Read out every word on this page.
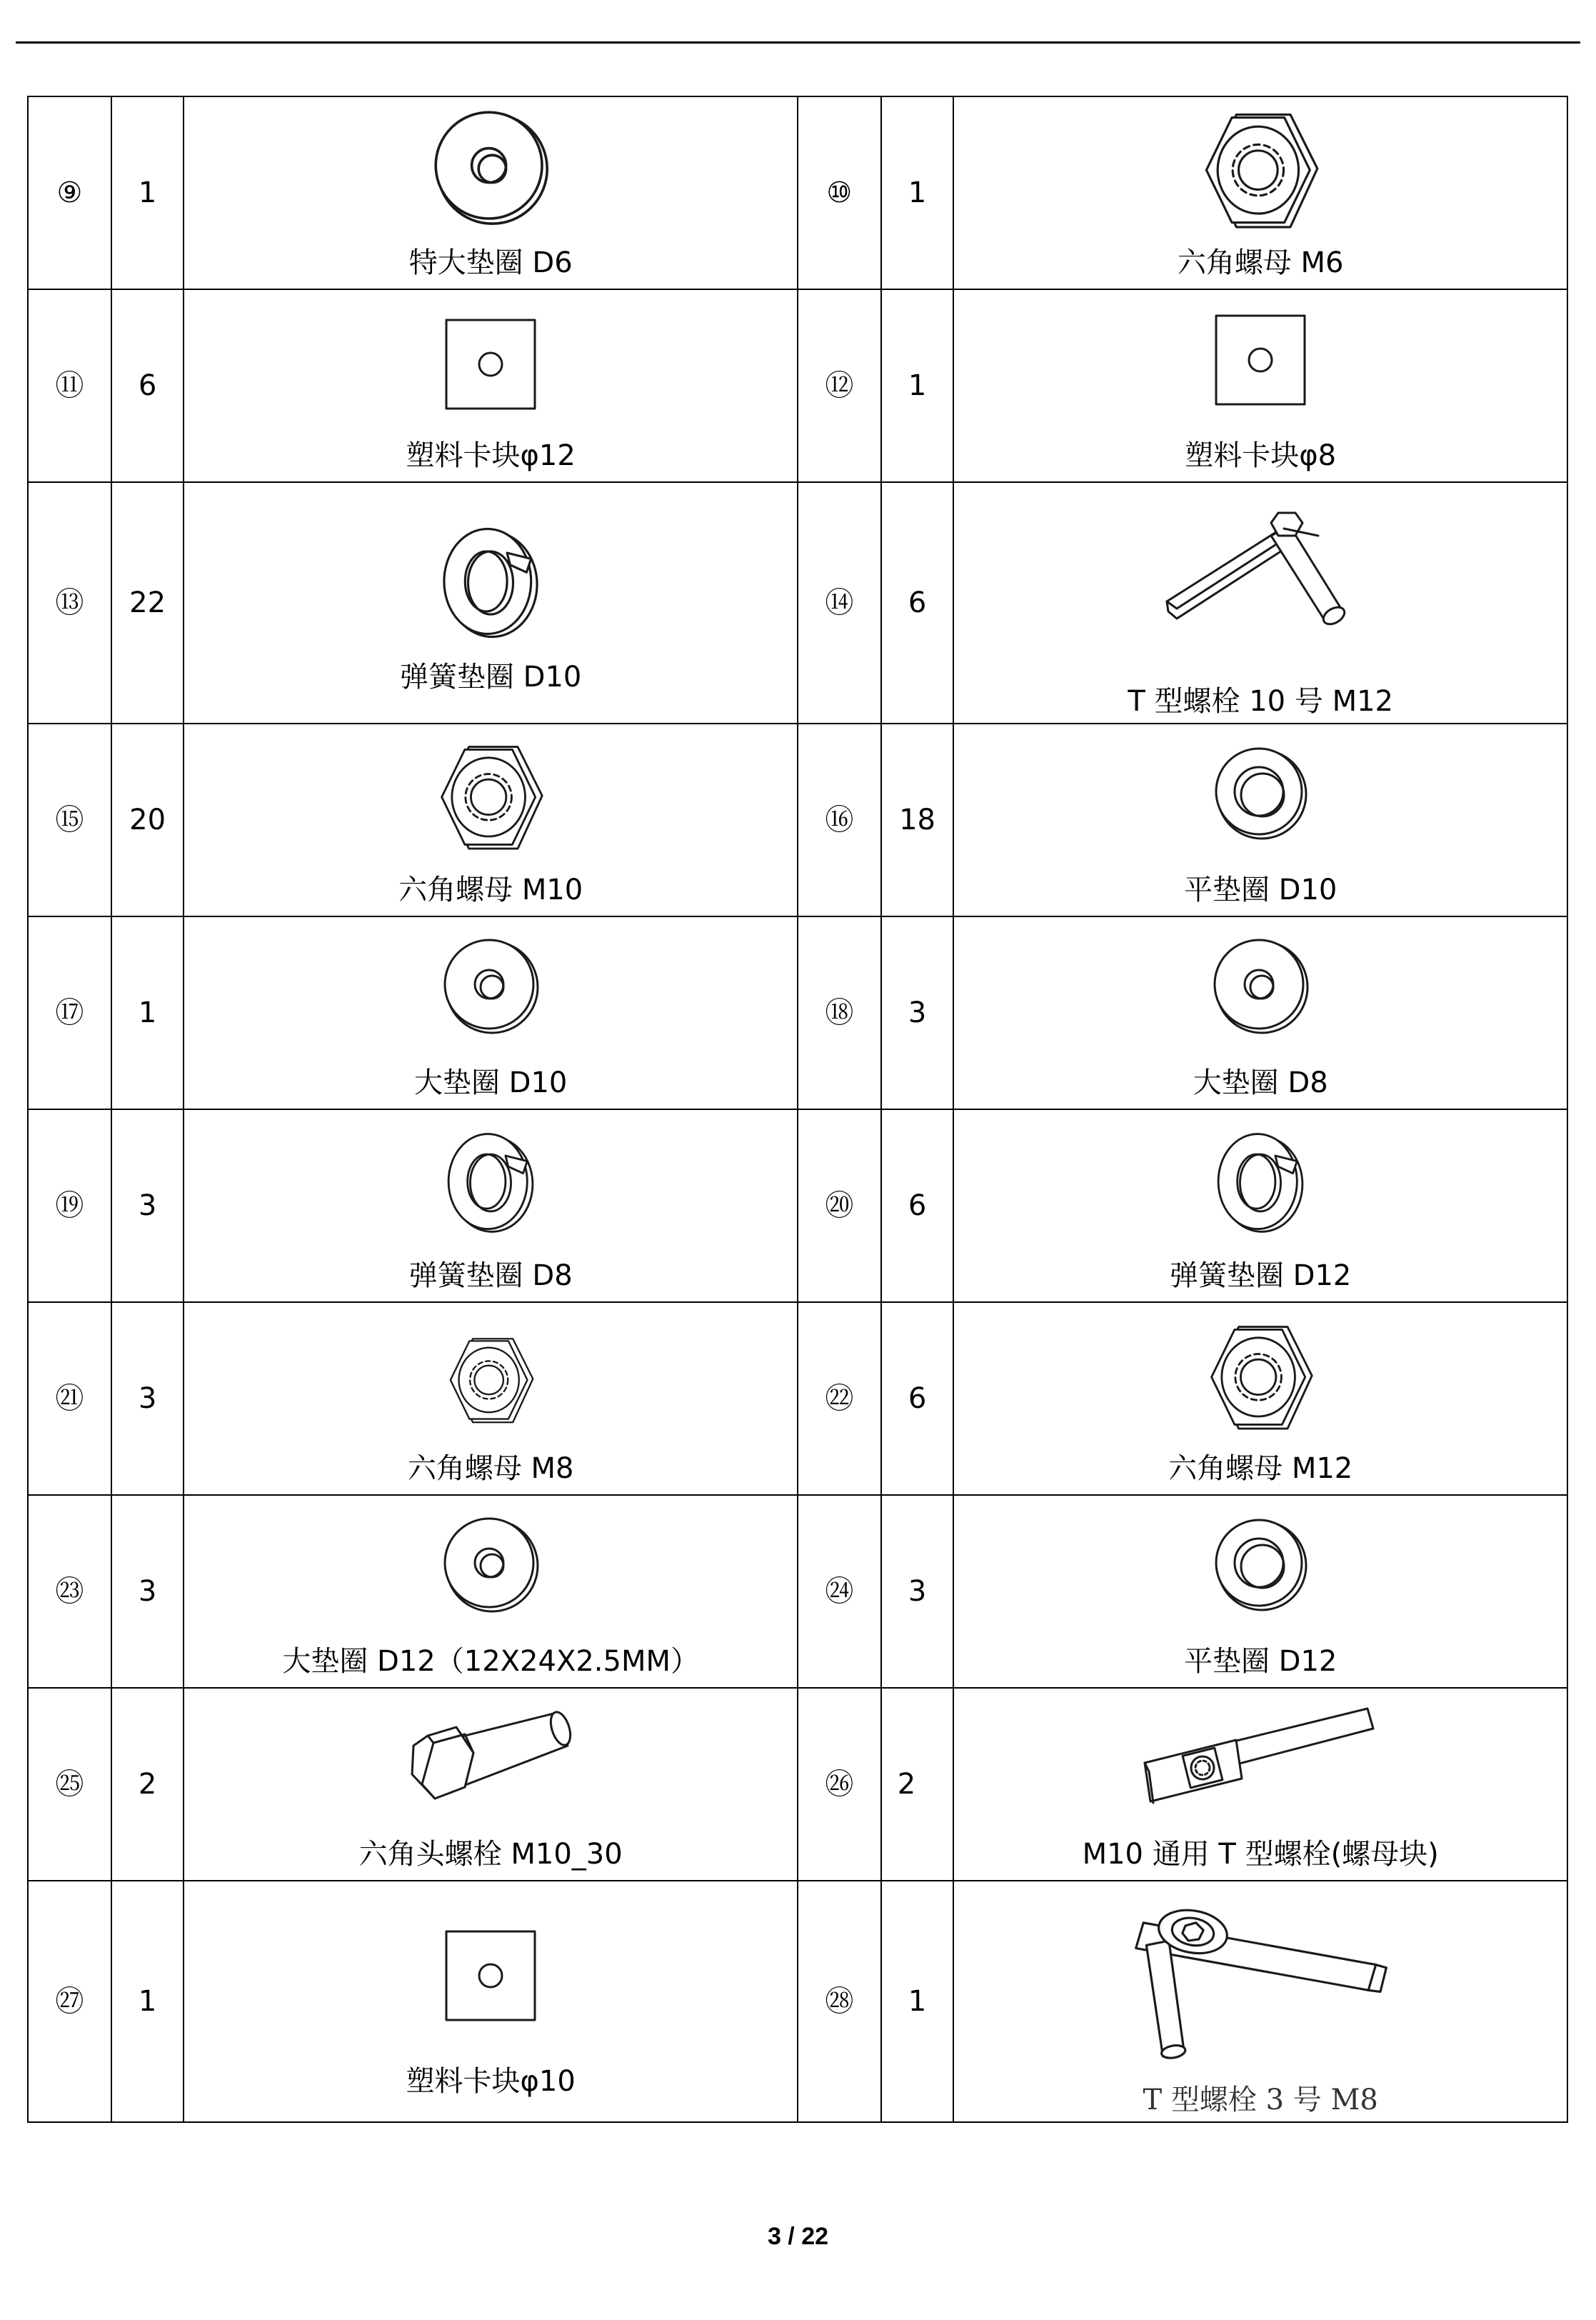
⑨	1	特大垫圈 D6	⑩	1	六角螺母 M6

⑪	6	塑料卡块φ12	⑫	1	塑料卡块φ8

⑬	22	弹簧垫圈 D10	⑭	6	T 型螺栓 10 号 M12

⑮	20	六角螺母 M10	⑯	18	平垫圈 D10

⑰	1	大垫圈 D10	⑱	3	大垫圈 D8

⑲	3	弹簧垫圈 D8	⑳	6	弹簧垫圈 D12

㉑	3	六角螺母 M8	㉒	6	六角螺母 M12

㉓	3	大垫圈 D12（12X24X2.5MM）	㉔	3	平垫圈 D12

㉕	2	六角头螺栓 M10_30	㉖	2	M10 通用 T 型螺栓(螺母块)

㉗	1	塑料卡块φ10	㉘	1	T 型螺栓 3 号 M8
3 / 22
